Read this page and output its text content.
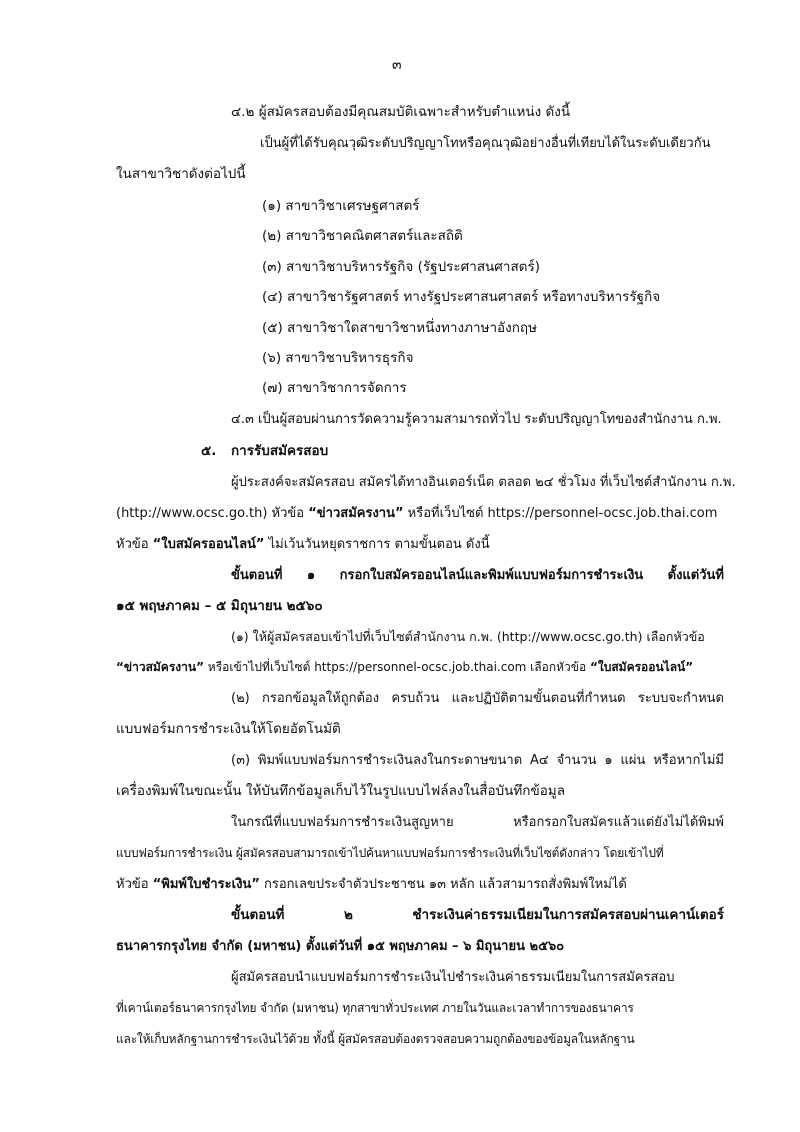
๓
๔.๒ ผู้สมัครสอบต้องมีคุณสมบัติเฉพาะสำหรับตำแหน่ง ดังนี้
เป็นผู้ที่ได้รับคุณวุฒิระดับปริญญาโทหรือคุณวุฒิอย่างอื่นที่เทียบได้ในระดับเดียวกัน
ในสาขาวิชาดังต่อไปนี้
(๑) สาขาวิชาเศรษฐศาสตร์
(๒) สาขาวิชาคณิตศาสตร์และสถิติ
(๓) สาขาวิชาบริหารรัฐกิจ (รัฐประศาสนศาสตร์)
(๔) สาขาวิชารัฐศาสตร์ ทางรัฐประศาสนศาสตร์ หรือทางบริหารรัฐกิจ
(๕) สาขาวิชาใดสาขาวิชาหนึ่งทางภาษาอังกฤษ
(๖) สาขาวิชาบริหารธุรกิจ
(๗) สาขาวิชาการจัดการ
๔.๓ เป็นผู้สอบผ่านการวัดความรู้ความสามารถทั่วไป ระดับปริญญาโทของสำนักงาน ก.พ.
๕. การรับสมัครสอบ
ผู้ประสงค์จะสมัครสอบ สมัครได้ทางอินเตอร์เน็ต ตลอด ๒๔ ชั่วโมง ที่เว็บไซต์สำนักงาน ก.พ.
(http://www.ocsc.go.th) หัวข้อ “ข่าวสมัครงาน” หรือที่เว็บไซต์ https://personnel-ocsc.job.thai.com
หัวข้อ “ใบสมัครออนไลน์” ไม่เว้นวันหยุดราชการ ตามขั้นตอน ดังนี้
ขั้นตอนที่ ๑ กรอกใบสมัครออนไลน์และพิมพ์แบบฟอร์มการชำระเงิน ตั้งแต่วันที่
๑๕ พฤษภาคม – ๕ มิถุนายน ๒๕๖๐
(๑) ให้ผู้สมัครสอบเข้าไปที่เว็บไซต์สำนักงาน ก.พ. (http://www.ocsc.go.th) เลือกหัวข้อ
“ข่าวสมัครงาน” หรือเข้าไปที่เว็บไซต์ https://personnel-ocsc.job.thai.com เลือกหัวข้อ “ใบสมัครออนไลน์”
(๒) กรอกข้อมูลให้ถูกต้อง ครบถ้วน และปฏิบัติตามขั้นตอนที่กำหนด ระบบจะกำหนด
แบบฟอร์มการชำระเงินให้โดยอัตโนมัติ
(๓) พิมพ์แบบฟอร์มการชำระเงินลงในกระดาษขนาด A๔ จำนวน ๑ แผ่น หรือหากไม่มี
เครื่องพิมพ์ในขณะนั้น ให้บันทึกข้อมูลเก็บไว้ในรูปแบบไฟล์ลงในสื่อบันทึกข้อมูล
ในกรณีที่แบบฟอร์มการชำระเงินสูญหาย หรือกรอกใบสมัครแล้วแต่ยังไม่ได้พิมพ์
แบบฟอร์มการชำระเงิน ผู้สมัครสอบสามารถเข้าไปค้นหาแบบฟอร์มการชำระเงินที่เว็บไซต์ดังกล่าว โดยเข้าไปที่
หัวข้อ “พิมพ์ใบชำระเงิน” กรอกเลขประจำตัวประชาชน ๑๓ หลัก แล้วสามารถสั่งพิมพ์ใหม่ได้
ขั้นตอนที่ ๒ ชำระเงินค่าธรรมเนียมในการสมัครสอบผ่านเคาน์เตอร์
ธนาคารกรุงไทย จำกัด (มหาชน) ตั้งแต่วันที่ ๑๕ พฤษภาคม – ๖ มิถุนายน ๒๕๖๐
ผู้สมัครสอบนำแบบฟอร์มการชำระเงินไปชำระเงินค่าธรรมเนียมในการสมัครสอบ
ที่เคาน์เตอร์ธนาคารกรุงไทย จำกัด (มหาชน) ทุกสาขาทั่วประเทศ ภายในวันและเวลาทำการของธนาคาร
และให้เก็บหลักฐานการชำระเงินไว้ด้วย ทั้งนี้ ผู้สมัครสอบต้องตรวจสอบความถูกต้องของข้อมูลในหลักฐาน
